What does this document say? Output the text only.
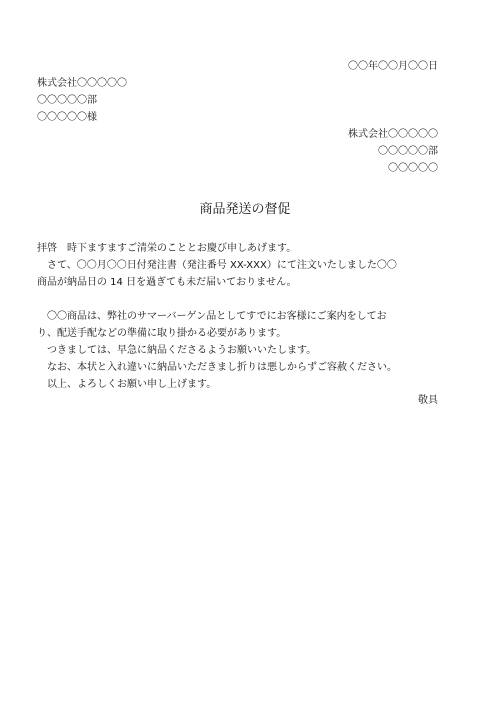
〇〇年〇〇月〇〇日
株式会社〇〇〇〇〇
〇〇〇〇〇部
〇〇〇〇〇様
株式会社〇〇〇〇〇
〇〇〇〇〇部
〇〇〇〇〇
商品発送の督促
拝啓　時下ますますご清栄のこととお慶び申しあげます。
さて、〇〇月〇〇日付発注書（発注番号 XX-XXX）にて注文いたしました〇〇
商品が納品日の 14 日を過ぎても未だ届いておりません。
〇〇商品は、弊社のサマーバーゲン品としてすでにお客様にご案内をしてお
り、配送手配などの準備に取り掛かる必要があります。
つきましては、早急に納品くださるようお願いいたします。
なお、本状と入れ違いに納品いただきまし折りは悪しからずご容赦ください。
以上、よろしくお願い申し上げます。
敬具
